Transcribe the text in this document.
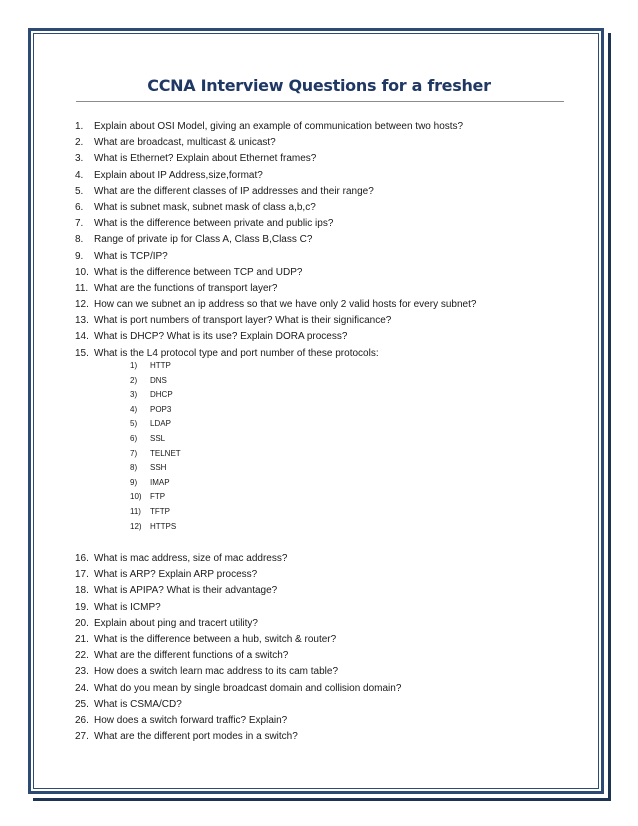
CCNA Interview Questions for a fresher
1.	Explain about OSI Model, giving an example of communication between two hosts?
2.	What are broadcast, multicast & unicast?
3.	What is Ethernet? Explain about Ethernet frames?
4.	Explain about IP Address,size,format?
5.	What are the different classes of IP addresses and their range?
6.	What is subnet mask, subnet mask of class a,b,c?
7.	What is the difference between private and public ips?
8.	Range of private ip for Class A, Class B,Class C?
9.	What is TCP/IP?
10. What is the difference between TCP and UDP?
11. What are the functions of transport layer?
12. How can we subnet an ip address so that we have only 2 valid hosts for every subnet?
13. What is port numbers of transport layer? What is their significance?
14. What is DHCP? What is its use? Explain DORA process?
15. What is the L4 protocol type and port number of these protocols:
1)	HTTP
2)	DNS
3)	DHCP
4)	POP3
5)	LDAP
6)	SSL
7)	TELNET
8)	SSH
9)	IMAP
10)	FTP
11)	TFTP
12)	HTTPS
16. What is mac address, size of mac address?
17. What is ARP? Explain ARP process?
18. What is APIPA? What is their advantage?
19. What is ICMP?
20. Explain about ping and tracert utility?
21. What is the difference between a hub, switch & router?
22. What are the different functions of a switch?
23. How does a switch learn mac address to its cam table?
24. What do you mean by single broadcast domain and collision domain?
25. What is CSMA/CD?
26. How does a switch forward traffic? Explain?
27. What are the different port modes in a switch?
